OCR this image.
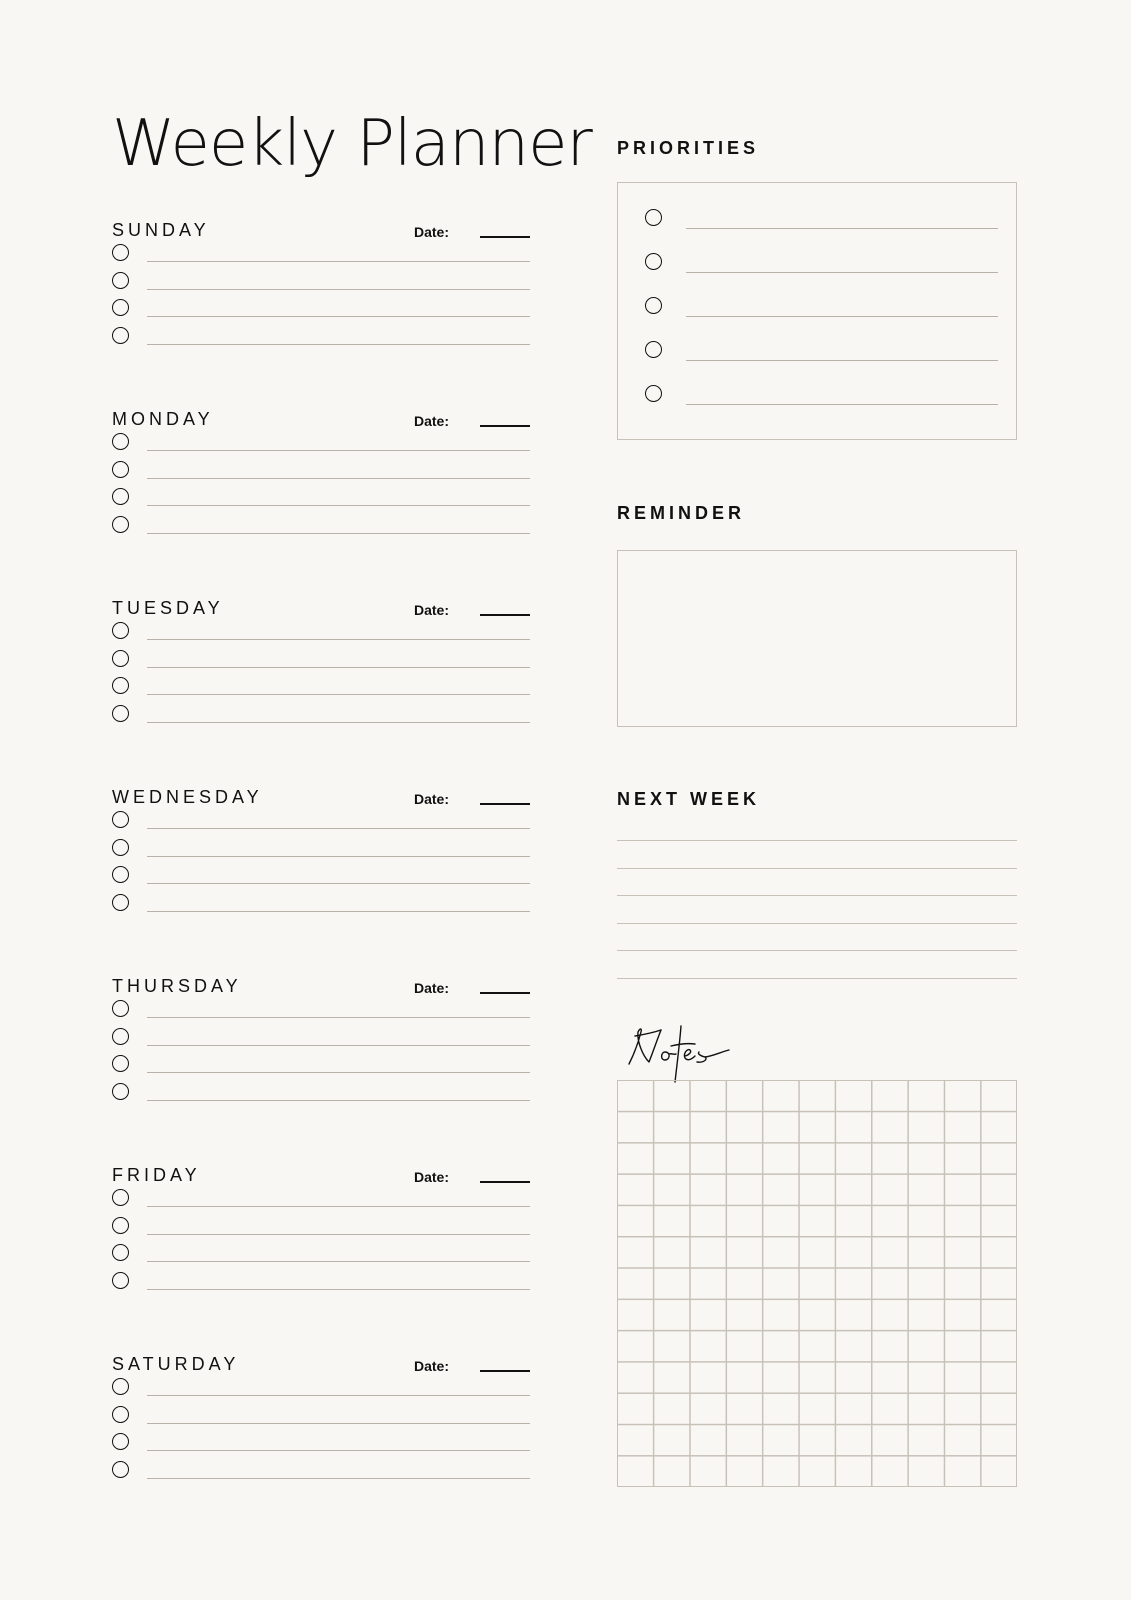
Weekly Planner
SUNDAY	Date:
MONDAY	Date:
TUESDAY	Date:
WEDNESDAY	Date:
THURSDAY	Date:
FRIDAY	Date:
SATURDAY	Date:
PRIORITIES
REMINDER
NEXT WEEK
